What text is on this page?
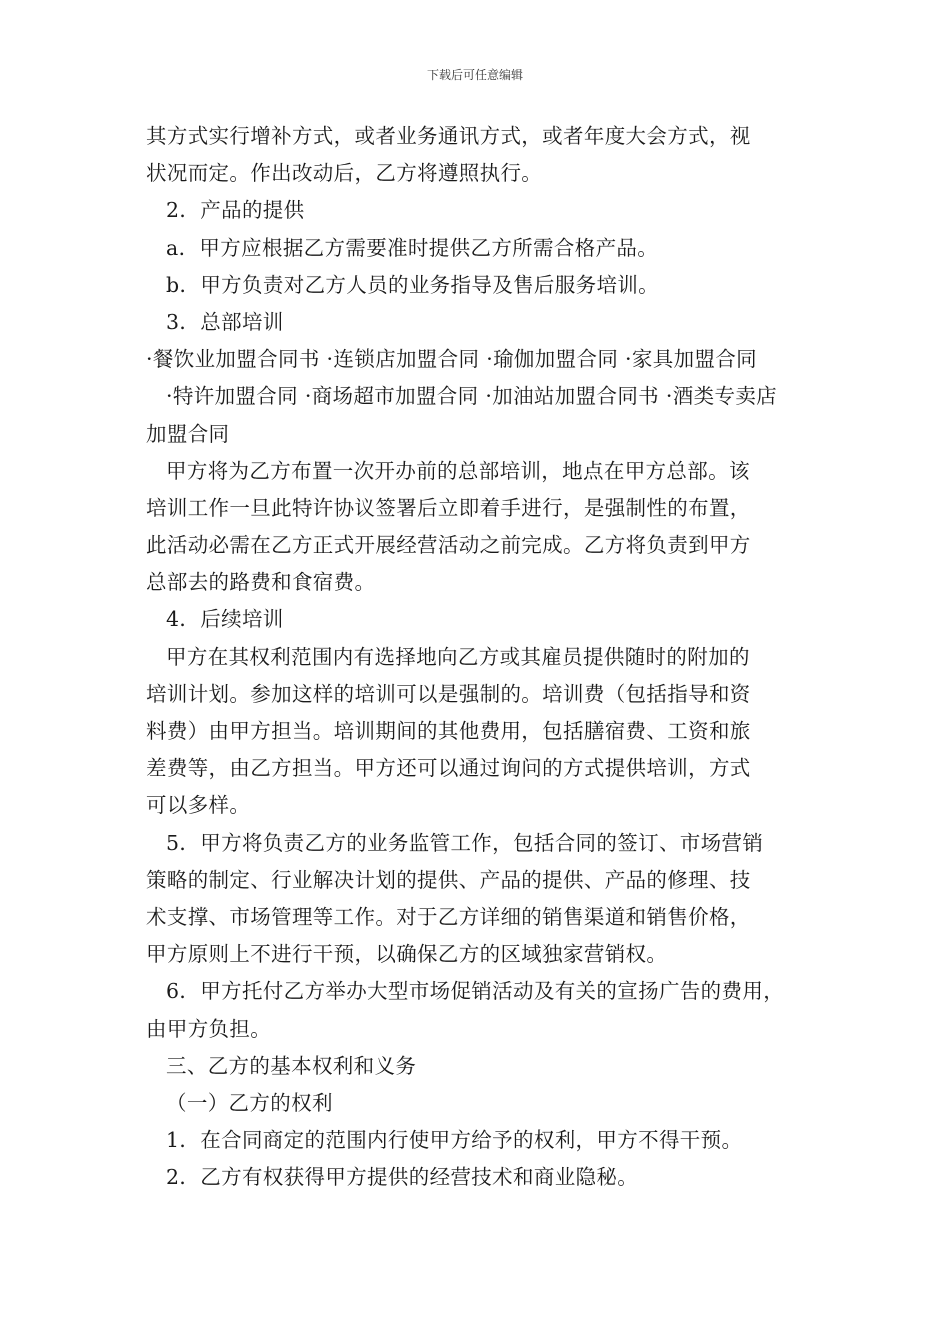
下载后可任意编辑
其方式实行增补方式，或者业务通讯方式，或者年度大会方式，视
状况而定。作出改动后，乙方将遵照执行。
2．产品的提供
a．甲方应根据乙方需要准时提供乙方所需合格产品。
b．甲方负责对乙方人员的业务指导及售后服务培训。
3．总部培训
·餐饮业加盟合同书 ·连锁店加盟合同 ·瑜伽加盟合同 ·家具加盟合同
·特许加盟合同 ·商场超市加盟合同 ·加油站加盟合同书 ·酒类专卖店
加盟合同
甲方将为乙方布置一次开办前的总部培训，地点在甲方总部。该
培训工作一旦此特许协议签署后立即着手进行，是强制性的布置，
此活动必需在乙方正式开展经营活动之前完成。乙方将负责到甲方
总部去的路费和食宿费。
4．后续培训
甲方在其权利范围内有选择地向乙方或其雇员提供随时的附加的
培训计划。参加这样的培训可以是强制的。培训费（包括指导和资
料费）由甲方担当。培训期间的其他费用，包括膳宿费、工资和旅
差费等，由乙方担当。甲方还可以通过询问的方式提供培训，方式
可以多样。
5．甲方将负责乙方的业务监管工作，包括合同的签订、市场营销
策略的制定、行业解决计划的提供、产品的提供、产品的修理、技
术支撑、市场管理等工作。对于乙方详细的销售渠道和销售价格，
甲方原则上不进行干预，以确保乙方的区域独家营销权。
6．甲方托付乙方举办大型市场促销活动及有关的宣扬广告的费用，
由甲方负担。
三、乙方的基本权利和义务
（一）乙方的权利
1．在合同商定的范围内行使甲方给予的权利，甲方不得干预。
2．乙方有权获得甲方提供的经营技术和商业隐秘。
